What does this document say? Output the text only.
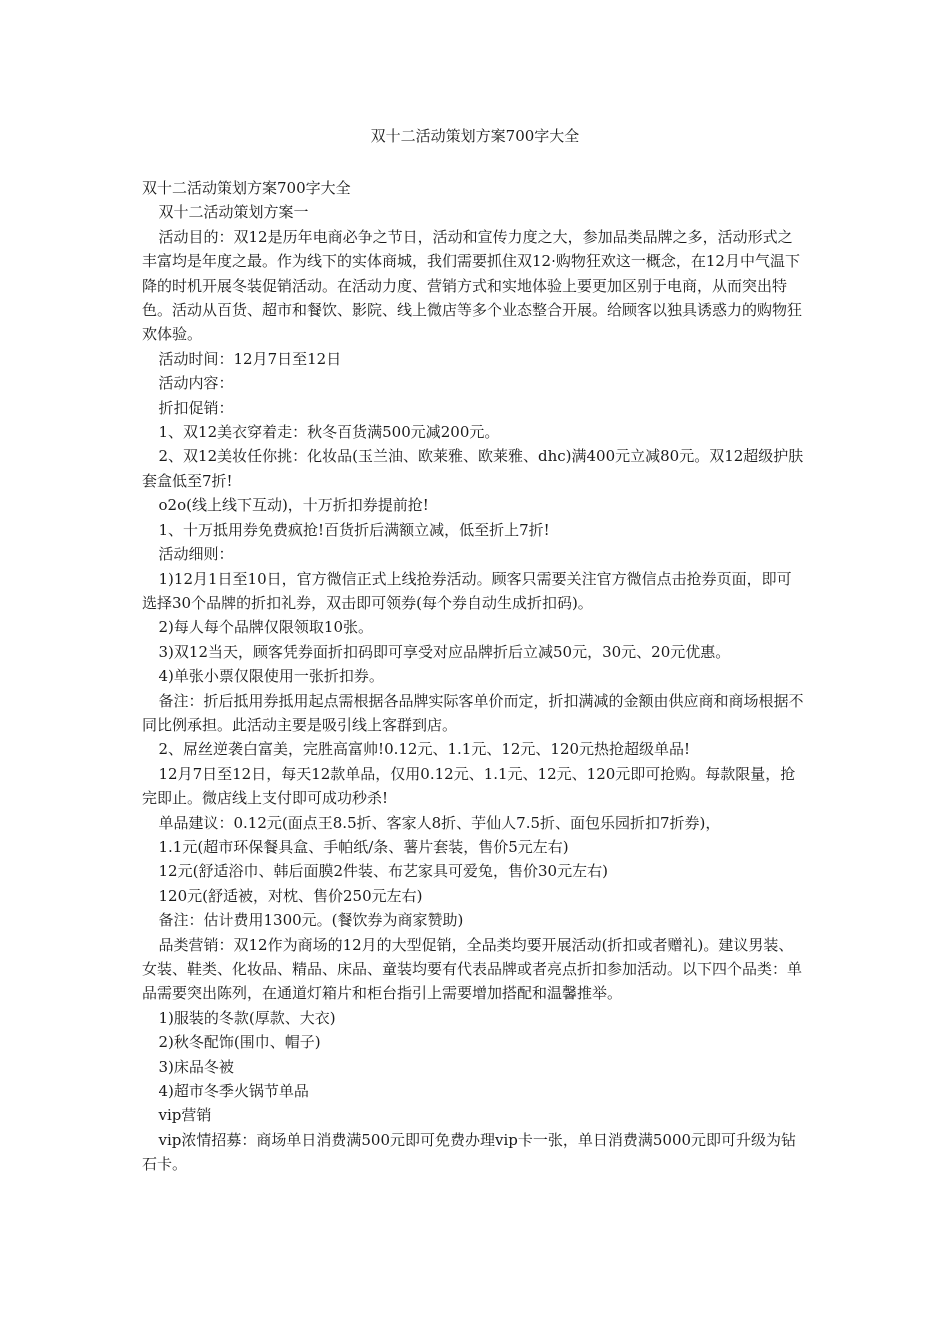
双十二活动策划方案700字大全

双十二活动策划方案700字大全

双十二活动策划方案一

活动目的：双12是历年电商必争之节日，活动和宣传力度之大，参加品类品牌之多，活动形式之丰富均是年度之最。作为线下的实体商城，我们需要抓住双12·购物狂欢这一概念，在12月中气温下降的时机开展冬装促销活动。在活动力度、营销方式和实地体验上要更加区别于电商，从而突出特色。活动从百货、超市和餐饮、影院、线上微店等多个业态整合开展。给顾客以独具诱惑力的购物狂欢体验。

活动时间：12月7日至12日

活动内容：

折扣促销：

1、双12美衣穿着走：秋冬百货满500元减200元。

2、双12美妆任你挑：化妆品(玉兰油、欧莱雅、欧莱雅、dhc)满400元立减80元。双12超级护肤套盒低至7折!

o2o(线上线下互动)，十万折扣券提前抢!

1、十万抵用券免费疯抢!百货折后满额立减，低至折上7折!

活动细则：

1)12月1日至10日，官方微信正式上线抢券活动。顾客只需要关注官方微信点击抢券页面，即可选择30个品牌的折扣礼券，双击即可领券(每个券自动生成折扣码)。

2)每人每个品牌仅限领取10张。

3)双12当天，顾客凭券面折扣码即可享受对应品牌折后立减50元，30元、20元优惠。

4)单张小票仅限使用一张折扣券。

备注：折后抵用券抵用起点需根据各品牌实际客单价而定，折扣满减的金额由供应商和商场根据不同比例承担。此活动主要是吸引线上客群到店。

2、屌丝逆袭白富美，完胜高富帅!0.12元、1.1元、12元、120元热抢超级单品!

12月7日至12日，每天12款单品，仅用0.12元、1.1元、12元、120元即可抢购。每款限量，抢完即止。微店线上支付即可成功秒杀!

单品建议：0.12元(面点王8.5折、客家人8折、芋仙人7.5折、面包乐园折扣7折券)，

1.1元(超市环保餐具盒、手帕纸/条、薯片套装，售价5元左右)

12元(舒适浴巾、韩后面膜2件装、布艺家具可爱兔，售价30元左右)

120元(舒适被，对枕、售价250元左右)

备注：估计费用1300元。(餐饮券为商家赞助)

品类营销：双12作为商场的12月的大型促销，全品类均要开展活动(折扣或者赠礼)。建议男装、女装、鞋类、化妆品、精品、床品、童装均要有代表品牌或者亮点折扣参加活动。以下四个品类：单品需要突出陈列，在通道灯箱片和柜台指引上需要增加搭配和温馨推举。

1)服装的冬款(厚款、大衣)

2)秋冬配饰(围巾、帽子)

3)床品冬被

4)超市冬季火锅节单品

vip营销

vip浓情招募：商场单日消费满500元即可免费办理vip卡一张，单日消费满5000元即可升级为钻石卡。
